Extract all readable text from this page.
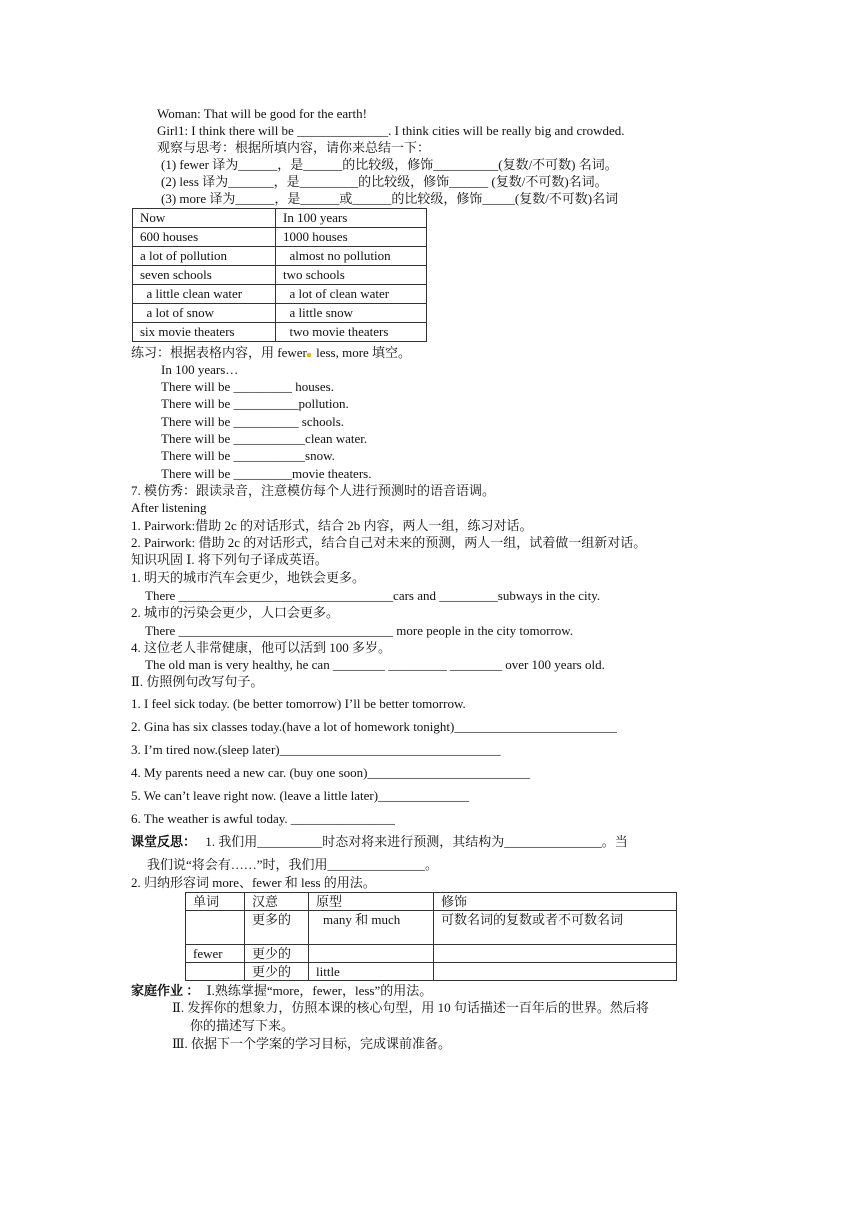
Woman: That will be good for the earth!
Girl1: I think there will be ______________. I think cities will be really big and crowded.
观察与思考：根据所填内容，请你来总结一下：
(1) fewer 译为______，是______的比较级，修饰__________(复数/不可数) 名词。
(2) less 译为_______，是_________的比较级，修饰______ (复数/不可数)名词。
(3) more 译为______，是______或______的比较级，修饰_____(复数/不可数)名词
Now	In 100 years
600 houses	1000 houses
a lot of pollution	almost no pollution
seven schools	two schools
a little clean water	a lot of clean water
a lot of snow	a little snow
six movie theaters	two movie theaters
练习：根据表格内容，用 fewer less, more 填空。
In 100 years…
There will be _________ houses.
There will be __________pollution.
There will be __________ schools.
There will be ___________clean water.
There will be ___________snow.
There will be _________movie theaters.
7. 模仿秀：跟读录音，注意模仿每个人进行预测时的语音语调。
After listening
1. Pairwork:借助 2c 的对话形式，结合 2b 内容，两人一组，练习对话。
2. Pairwork: 借助 2c 的对话形式，结合自己对未来的预测，两人一组，试着做一组新对话。
知识巩固 Ⅰ. 将下列句子译成英语。
1. 明天的城市汽车会更少，地铁会更多。
There _________________________________cars and _________subways in the city.
2. 城市的污染会更少，人口会更多。
There _________________________________ more people in the city tomorrow.
4. 这位老人非常健康，他可以活到 100 多岁。
The old man is very healthy, he can ________ _________ ________ over 100 years old.
Ⅱ. 仿照例句改写句子。
1. I feel sick today. (be better tomorrow) I’ll be better tomorrow.
2. Gina has six classes today.(have a lot of homework tonight)_________________________
3. I’m tired now.(sleep later)__________________________________
4. My parents need a new car. (buy one soon)_________________________
5. We can’t leave right now. (leave a little later)______________
6. The weather is awful today. ________________
课堂反思： 1. 我们用__________时态对将来进行预测，其结构为_______________。当
我们说“将会有……”时，我们用_______________。
2. 归纳形容词 more、fewer 和 less 的用法。
单词	汉意	原型	修饰
	更多的	many 和 much	可数名词的复数或者不可数名词
fewer	更少的		
	更少的	little	
家庭作业 ： Ⅰ.熟练掌握“more，fewer，less”的用法。
Ⅱ. 发挥你的想象力，仿照本课的核心句型，用 10 句话描述一百年后的世界。然后将
你的描述写下来。
Ⅲ. 依据下一个学案的学习目标，完成课前准备。
